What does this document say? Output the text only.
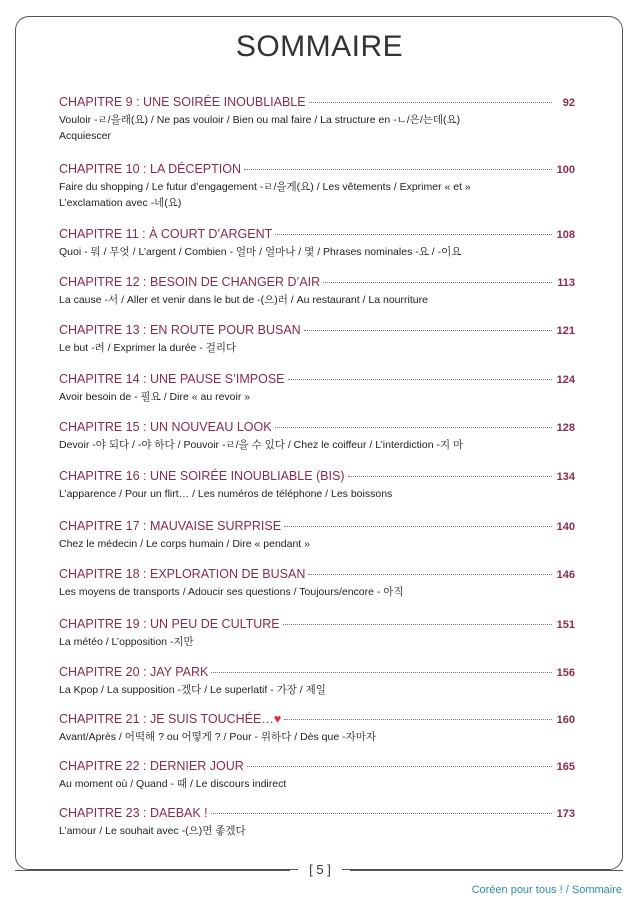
SOMMAIRE
CHAPITRE 9 : UNE SOIRÉE INOUBLIABLE	92
Vouloir -ㄹ/을래(요) / Ne pas vouloir / Bien ou mal faire / La structure en -ㄴ/은/는데(요)
Acquiescer
CHAPITRE 10 : LA DÉCEPTION	100
Faire du shopping / Le futur d’engagement -ㄹ/을게(요) / Les vêtements / Exprimer « et »
L’exclamation avec -네(요)
CHAPITRE 11 : À COURT D’ARGENT	108
Quoi - 뭐 / 무엇 / L’argent / Combien - 얼마 / 얼마나 / 몇 / Phrases nominales -요 / -이요
CHAPITRE 12 : BESOIN DE CHANGER D’AIR	113
La cause -서 / Aller et venir dans le but de -(으)러 / Au restaurant / La nourriture
CHAPITRE 13 : EN ROUTE POUR BUSAN	121
Le but -려 / Exprimer la durée - 걸리다
CHAPITRE 14 : UNE PAUSE S’IMPOSE	124
Avoir besoin de - 필요 / Dire « au revoir »
CHAPITRE 15 : UN NOUVEAU LOOK	128
Devoir -야 되다 / -야 하다 / Pouvoir -ㄹ/을 수 있다 / Chez le coiffeur / L’interdiction -지 마
CHAPITRE 16 : UNE SOIRÉE INOUBLIABLE (BIS)	134
L’apparence / Pour un flirt… / Les numéros de téléphone / Les boissons
CHAPITRE 17 : MAUVAISE SURPRISE	140
Chez le médecin / Le corps humain / Dire « pendant »
CHAPITRE 18 : EXPLORATION DE BUSAN	146
Les moyens de transports / Adoucir ses questions / Toujours/encore - 아직
CHAPITRE 19 : UN PEU DE CULTURE	151
La météo / L’opposition -지만
CHAPITRE 20 : JAY PARK	156
La Kpop / La supposition -겠다 / Le superlatif - 가장 / 제일
CHAPITRE 21 : JE SUIS TOUCHÉE…♥	160
Avant/Après / 어떡해 ? ou 어떻게 ? / Pour - 위하다 / Dès que -자마자
CHAPITRE 22 : DERNIER JOUR	165
Au moment où / Quand - 때 / Le discours indirect
CHAPITRE 23 : DAEBAK !	173
L’amour / Le souhait avec -(으)면 좋겠다
[ 5 ]
Coréen pour tous ! / Sommaire
